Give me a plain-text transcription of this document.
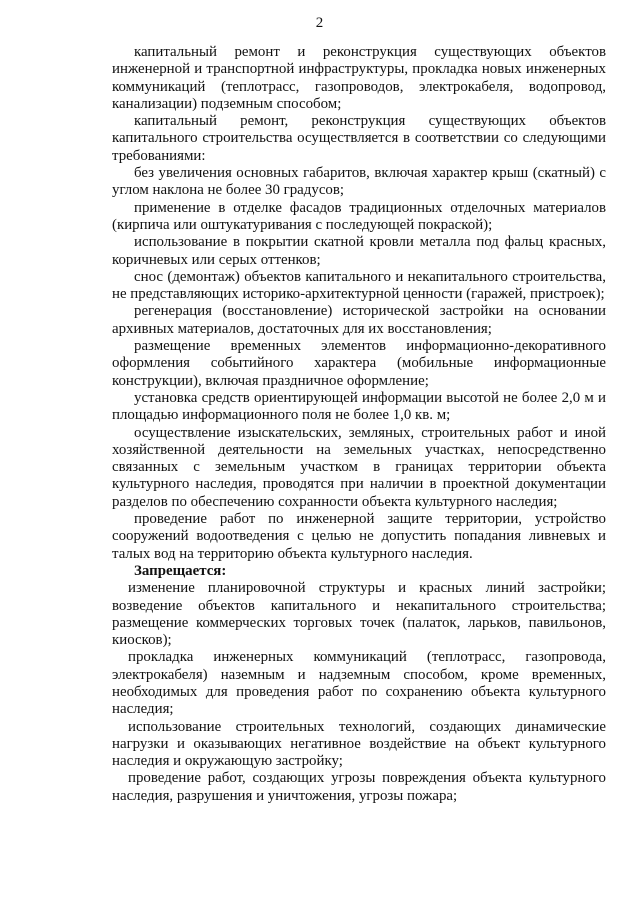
2

капитальный ремонт и реконструкция существующих объектов инженерной и транспортной инфраструктуры, прокладка новых инженерных коммуникаций (теплотрасс, газопроводов, электрокабеля, водопровод, канализации) подземным способом;

капитальный ремонт, реконструкция существующих объектов капитального строительства осуществляется в соответствии со следующими требованиями:

без увеличения основных габаритов, включая характер крыш (скатный) с углом наклона не более 30 градусов;

применение в отделке фасадов традиционных отделочных материалов (кирпича или оштукатуривания с последующей покраской);

использование в покрытии скатной кровли металла под фальц красных, коричневых или серых оттенков;

снос (демонтаж) объектов капитального и некапитального строительства, не представляющих историко-архитектурной ценности (гаражей, пристроек);

регенерация (восстановление) исторической застройки на основании архивных материалов, достаточных для их восстановления;

размещение временных элементов информационно-декоративного оформления событийного характера (мобильные информационные конструкции), включая праздничное оформление;

установка средств ориентирующей информации высотой не более 2,0 м и площадью информационного поля не более 1,0 кв. м;

осуществление изыскательских, земляных, строительных работ и иной хозяйственной деятельности на земельных участках, непосредственно связанных с земельным участком в границах территории объекта культурного наследия, проводятся при наличии в проектной документации разделов по обеспечению сохранности объекта культурного наследия;

проведение работ по инженерной защите территории, устройство сооружений водоотведения с целью не допустить попадания ливневых и талых вод на территорию объекта культурного наследия.

Запрещается:

изменение планировочной структуры и красных линий застройки; возведение объектов капитального и некапитального строительства; размещение коммерческих торговых точек (палаток, ларьков, павильонов, киосков);

прокладка инженерных коммуникаций (теплотрасс, газопровода, электрокабеля) наземным и надземным способом, кроме временных, необходимых для проведения работ по сохранению объекта культурного наследия;

использование строительных технологий, создающих динамические нагрузки и оказывающих негативное воздействие на объект культурного наследия и окружающую застройку;

проведение работ, создающих угрозы повреждения объекта культурного наследия, разрушения и уничтожения, угрозы пожара;
